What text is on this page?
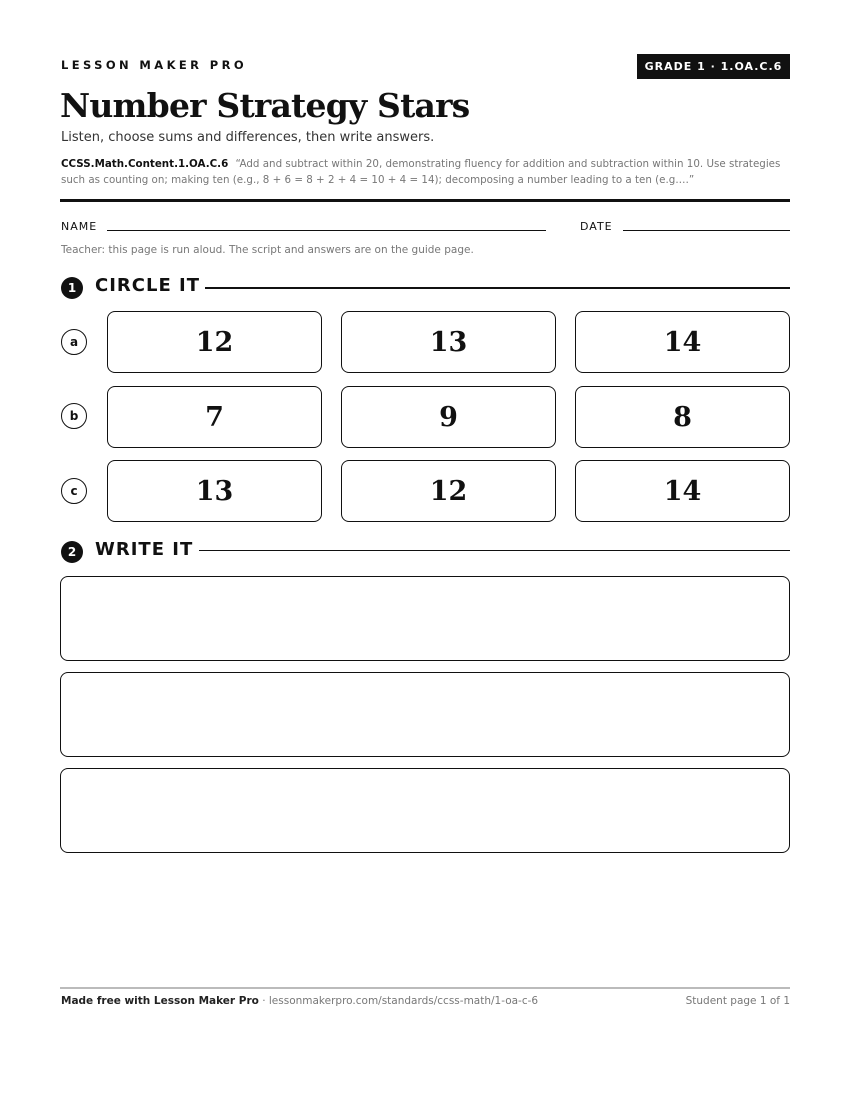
LESSON MAKER PRO	GRADE 1 · 1.OA.C.6
Number Strategy Stars
Listen, choose sums and differences, then write answers.
CCSS.Math.Content.1.OA.C.6 “Add and subtract within 20, demonstrating fluency for addition and subtraction within 10. Use strategies such as counting on; making ten (e.g., 8 + 6 = 8 + 2 + 4 = 10 + 4 = 14); decomposing a number leading to a ten (e.g.…”
NAME	DATE
Teacher: this page is run aloud. The script and answers are on the guide page.
1	CIRCLE IT
a	12	13	14
b	7	9	8
c	13	12	14
2	WRITE IT
Made free with Lesson Maker Pro · lessonmakerpro.com/standards/ccss-math/1-oa-c-6	Student page 1 of 1
